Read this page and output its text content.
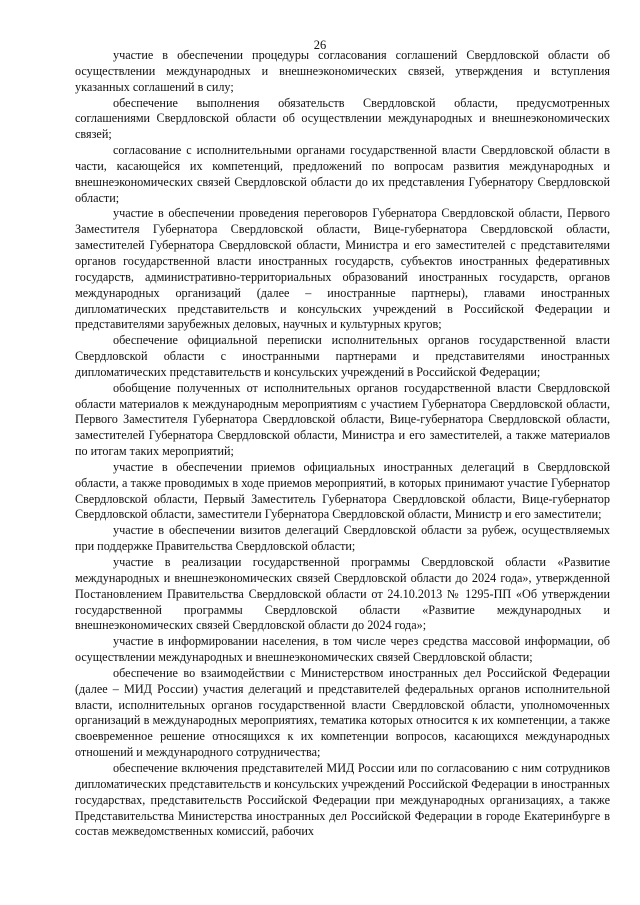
26

участие в обеспечении процедуры согласования соглашений Свердловской области об осуществлении международных и внешнеэкономических связей, утверждения и вступления указанных соглашений в силу;

обеспечение выполнения обязательств Свердловской области, предусмотренных соглашениями Свердловской области об осуществлении международных и внешнеэкономических связей;

согласование с исполнительными органами государственной власти Свердловской области в части, касающейся их компетенций, предложений по вопросам развития международных и внешнеэкономических связей Свердловской области до их представления Губернатору Свердловской области;

участие в обеспечении проведения переговоров Губернатора Свердловской области, Первого Заместителя Губернатора Свердловской области, Вице-губернатора Свердловской области, заместителей Губернатора Свердловской области, Министра и его заместителей с представителями органов государственной власти иностранных государств, субъектов иностранных федеративных государств, административно-территориальных образований иностранных государств, органов международных организаций (далее – иностранные партнеры), главами иностранных дипломатических представительств и консульских учреждений в Российской Федерации и представителями зарубежных деловых, научных и культурных кругов;

обеспечение официальной переписки исполнительных органов государственной власти Свердловской области с иностранными партнерами и представителями иностранных дипломатических представительств и консульских учреждений в Российской Федерации;

обобщение полученных от исполнительных органов государственной власти Свердловской области материалов к международным мероприятиям с участием Губернатора Свердловской области, Первого Заместителя Губернатора Свердловской области, Вице-губернатора Свердловской области, заместителей Губернатора Свердловской области, Министра и его заместителей, а также материалов по итогам таких мероприятий;

участие в обеспечении приемов официальных иностранных делегаций в Свердловской области, а также проводимых в ходе приемов мероприятий, в которых принимают участие Губернатор Свердловской области, Первый Заместитель Губернатора Свердловской области, Вице-губернатор Свердловской области, заместители Губернатора Свердловской области, Министр и его заместители;

участие в обеспечении визитов делегаций Свердловской области за рубеж, осуществляемых при поддержке Правительства Свердловской области;

участие в реализации государственной программы Свердловской области «Развитие международных и внешнеэкономических связей Свердловской области до 2024 года», утвержденной Постановлением Правительства Свердловской области от 24.10.2013 № 1295-ПП «Об утверждении государственной программы Свердловской области «Развитие международных и внешнеэкономических связей Свердловской области до 2024 года»;

участие в информировании населения, в том числе через средства массовой информации, об осуществлении международных и внешнеэкономических связей Свердловской области;

обеспечение во взаимодействии с Министерством иностранных дел Российской Федерации (далее – МИД России) участия делегаций и представителей федеральных органов исполнительной власти, исполнительных органов государственной власти Свердловской области, уполномоченных организаций в международных мероприятиях, тематика которых относится к их компетенции, а также своевременное решение относящихся к их компетенции вопросов, касающихся международных отношений и международного сотрудничества;

обеспечение включения представителей МИД России или по согласованию с ним сотрудников дипломатических представительств и консульских учреждений Российской Федерации в иностранных государствах, представительств Российской Федерации при международных организациях, а также Представительства Министерства иностранных дел Российской Федерации в городе Екатеринбурге в состав межведомственных комиссий, рабочих
